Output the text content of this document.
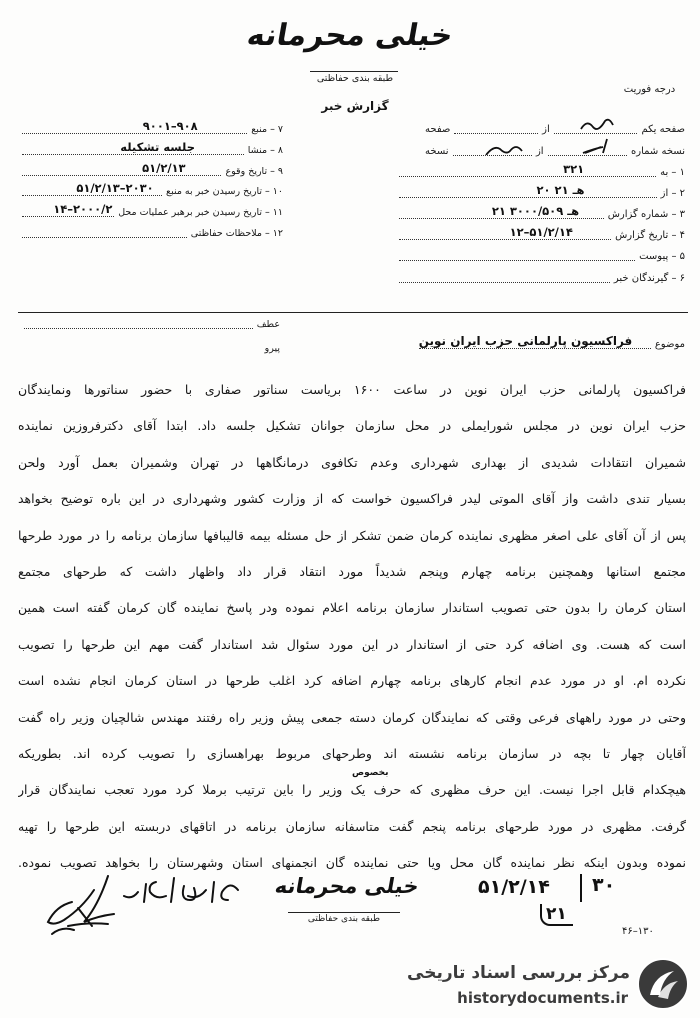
خیلی محرمانه
طبقه بندی حفاظتی
درجه فوریت
گزارش خبر
صفحه یکم
از
صفحه
نسخه شماره
از
نسخه
۱ – به
۳۲۱
۲ – از
۲۰ هـ ۲۱
۳ – شماره گزارش
۲۱ هـ ۳۰۰۰/۵۰۹
۴ – تاریخ گزارش
۱۲–۵۱/۲/۱۴
۵ – پیوست
۶ – گیرندگان خبر
۷ – منبع
۹۰۰۱–۹۰۸
۸ – منشا
جلسه تشکیله
۹ – تاریخ وقوع
۵۱/۲/۱۳
۱۰ – تاریخ رسیدن خبر به منبع
۵۱/۲/۱۳–۲۰۳۰
۱۱ – تاریخ رسیدن خبر برهبر عملیات محل
۱۴–۲۰۰۰/۲
۱۲ – ملاحظات حفاظتی
عطف
پیرو	موضوع
فراکسیون پارلمانی حزب ایران نوین
فراکسیون پارلمانی حزب ایران نوین در ساعت ۱۶۰۰ بریاست سناتور صفاری با حضور سناتورها ونمایندگان
حزب ایران نوین در مجلس شورایملی در محل سازمان جوانان تشکیل جلسه داد. ابتدا آقای دکترفروزین نماینده
شمیران انتقادات شدیدی از بهداری شهرداری وعدم تکافوی درمانگاهها در تهران وشمیران بعمل آورد ولحن
بسیار تندی داشت واز آقای الموتی لیدر فراکسیون خواست که از وزارت کشور وشهرداری در این باره توضیح بخواهد
پس از آن آقای علی اصغر مظهری نماینده کرمان ضمن تشکر از حل مسئله بیمه قالیبافها سازمان برنامه را در مورد طرحها
مجتمع استانها وهمچنین برنامه چهارم وپنجم شدیداً مورد انتقاد قرار داد واظهار داشت که طرحهای مجتمع
استان کرمان را بدون حتی تصویب استاندار سازمان برنامه اعلام نموده ودر پاسخ نماینده گان کرمان گفته است همین
است که هست. وی اضافه کرد حتی از استاندار در این مورد سئوال شد استاندار گفت مهم این طرحها را تصویب
نکرده ام. او در مورد عدم انجام کارهای برنامه چهارم اضافه کرد اغلب طرحها در استان کرمان انجام نشده است
وحتی در مورد راههای فرعی وقتی که نمایندگان کرمان دسته جمعی پیش وزیر راه رفتند مهندس شالچیان وزیر راه گفت
آقایان چهار تا بچه در سازمان برنامه نشسته اند وطرحهای مربوط بهراهسازی را تصویب کرده اند. بطوریکه
هیچکدام قابل اجرا نیست. این حرف مظهری که حرف یک وزیر را باین ترتیب برملا کرد مورد تعجب نمایندگان قرار
گرفت. مظهری در مورد طرحهای برنامه پنجم گفت متاسفانه سازمان برنامه در اتاقهای دربسته این طرحها را تهیه
نموده وبدون اینکه نظر نماینده گان محل ویا حتی نماینده گان انجمنهای استان وشهرستان را بخواهد تصویب نموده.
بخصوص
خیلی محرمانه
طبقه بندی حفاظتی
۵۱/۲/۱۴ ۳۰
۲۱
۴۶–۱۳۰
مرکز بررسی اسناد تاریخی
historydocuments.ir
